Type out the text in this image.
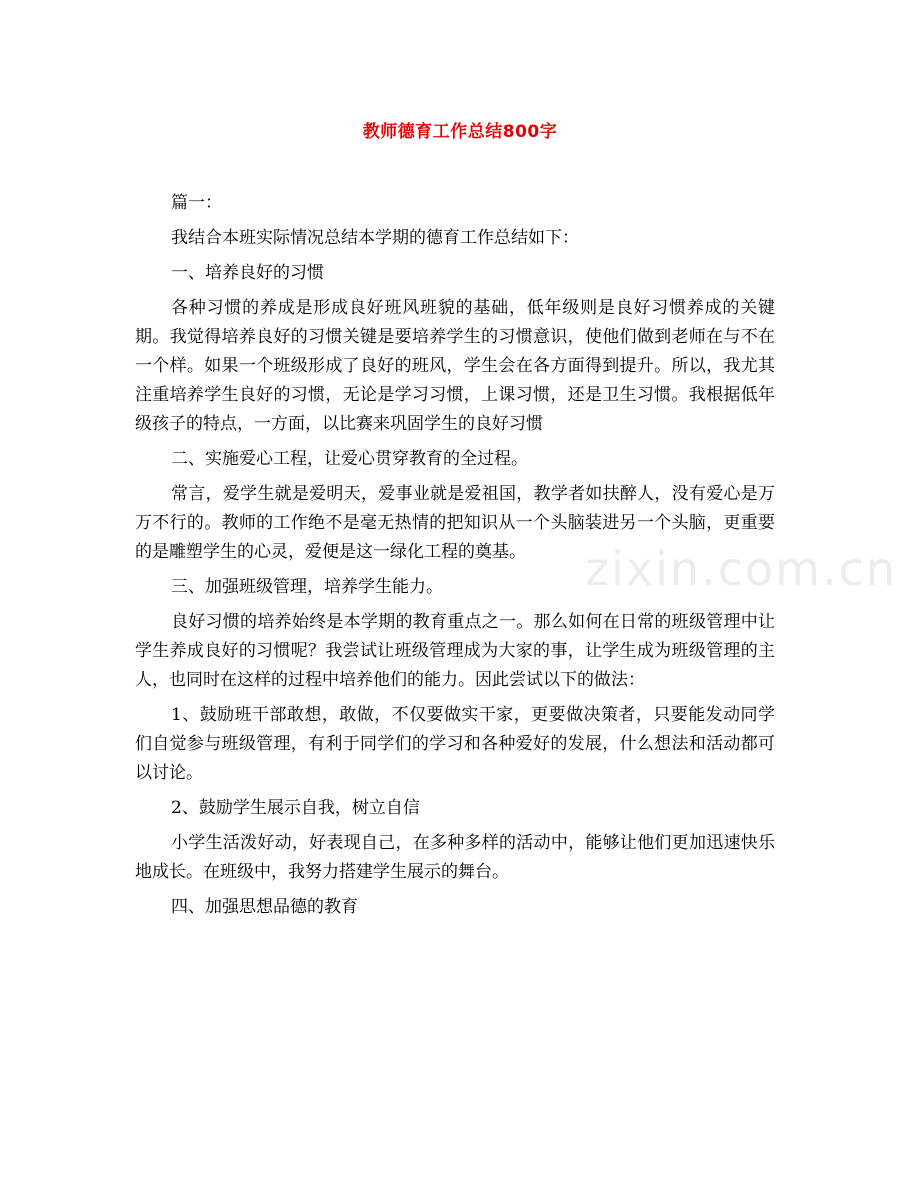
教师德育工作总结800字
zixin.com.cn

篇一：

我结合本班实际情况总结本学期的德育工作总结如下：

一、培养良好的习惯

各种习惯的养成是形成良好班风班貌的基础，低年级则是良好习惯养成的关键期。我觉得培养良好的习惯关键是要培养学生的习惯意识，使他们做到老师在与不在一个样。如果一个班级形成了良好的班风，学生会在各方面得到提升。所以，我尤其注重培养学生良好的习惯，无论是学习习惯，上课习惯，还是卫生习惯。我根据低年级孩子的特点，一方面，以比赛来巩固学生的良好习惯

二、实施爱心工程，让爱心贯穿教育的全过程。

常言，爱学生就是爱明天，爱事业就是爱祖国，教学者如扶醉人，没有爱心是万万不行的。教师的工作绝不是毫无热情的把知识从一个头脑装进另一个头脑，更重要的是雕塑学生的心灵，爱便是这一绿化工程的奠基。

三、加强班级管理，培养学生能力。

良好习惯的培养始终是本学期的教育重点之一。那么如何在日常的班级管理中让学生养成良好的习惯呢？我尝试让班级管理成为大家的事，让学生成为班级管理的主人，也同时在这样的过程中培养他们的能力。因此尝试以下的做法：

1、鼓励班干部敢想，敢做，不仅要做实干家，更要做决策者，只要能发动同学们自觉参与班级管理，有利于同学们的学习和各种爱好的发展，什么想法和活动都可以讨论。

2、鼓励学生展示自我，树立自信

小学生活泼好动，好表现自己，在多种多样的活动中，能够让他们更加迅速快乐地成长。在班级中，我努力搭建学生展示的舞台。

四、加强思想品德的教育
